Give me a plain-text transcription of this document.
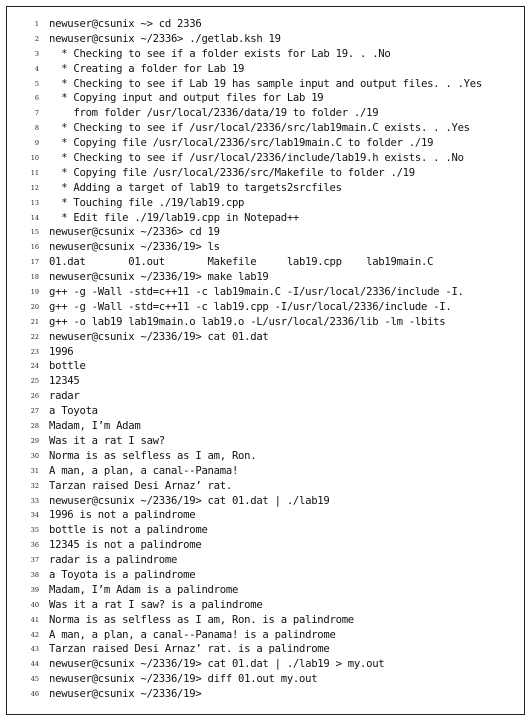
1 newuser@csunix ~> cd 2336
2 newuser@csunix ~/2336> ./getlab.ksh 19
3 * Checking to see if a folder exists for Lab 19. . .No
4 * Creating a folder for Lab 19
5 * Checking to see if Lab 19 has sample input and output files. . .Yes
6 * Copying input and output files for Lab 19
7 from folder /usr/local/2336/data/19 to folder ./19
8 * Checking to see if /usr/local/2336/src/lab19main.C exists. . .Yes
9 * Copying file /usr/local/2336/src/lab19main.C to folder ./19
10 * Checking to see if /usr/local/2336/include/lab19.h exists. . .No
11 * Copying file /usr/local/2336/src/Makefile to folder ./19
12 * Adding a target of lab19 to targets2srcfiles
13 * Touching file ./19/lab19.cpp
14 * Edit file ./19/lab19.cpp in Notepad++
15 newuser@csunix ~/2336> cd 19
16 newuser@csunix ~/2336/19> ls
17 01.dat       01.out       Makefile     lab19.cpp    lab19main.C
18 newuser@csunix ~/2336/19> make lab19
19 g++ -g -Wall -std=c++11 -c lab19main.C -I/usr/local/2336/include -I.
20 g++ -g -Wall -std=c++11 -c lab19.cpp -I/usr/local/2336/include -I.
21 g++ -o lab19 lab19main.o lab19.o -L/usr/local/2336/lib -lm -lbits
22 newuser@csunix ~/2336/19> cat 01.dat
23 1996
24 bottle
25 12345
26 radar
27 a Toyota
28 Madam, I’m Adam
29 Was it a rat I saw?
30 Norma is as selfless as I am, Ron.
31 A man, a plan, a canal--Panama!
32 Tarzan raised Desi Arnaz’ rat.
33 newuser@csunix ~/2336/19> cat 01.dat | ./lab19
34 1996 is not a palindrome
35 bottle is not a palindrome
36 12345 is not a palindrome
37 radar is a palindrome
38 a Toyota is a palindrome
39 Madam, I’m Adam is a palindrome
40 Was it a rat I saw? is a palindrome
41 Norma is as selfless as I am, Ron. is a palindrome
42 A man, a plan, a canal--Panama! is a palindrome
43 Tarzan raised Desi Arnaz’ rat. is a palindrome
44 newuser@csunix ~/2336/19> cat 01.dat | ./lab19 > my.out
45 newuser@csunix ~/2336/19> diff 01.out my.out
46 newuser@csunix ~/2336/19>
